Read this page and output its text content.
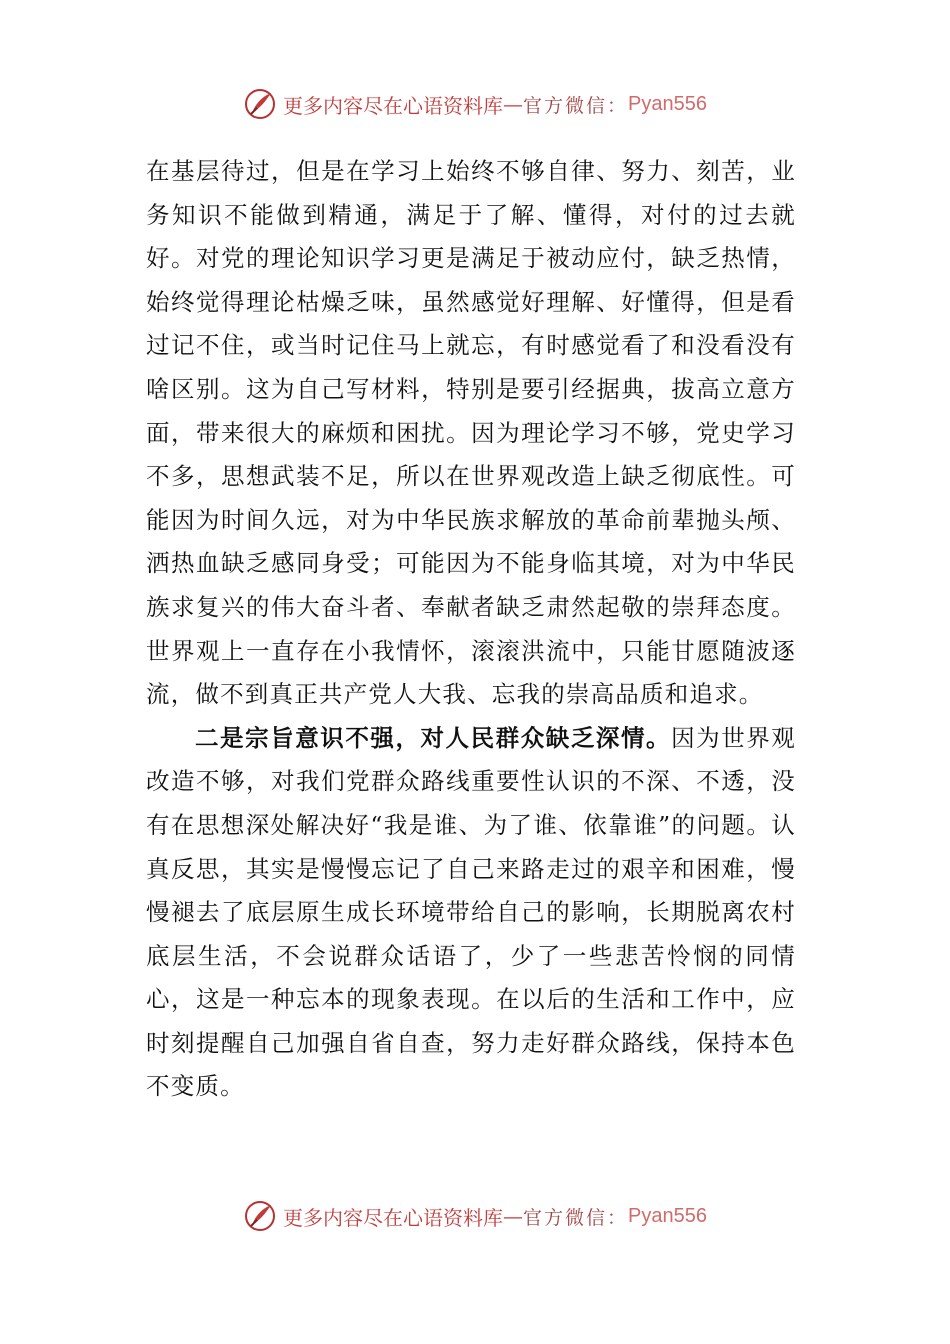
更多内容尽在心语资料库 — 官方微信： Pyan556

在基层待过，但是在学习上始终不够自律、努力、刻苦，业务知识不能做到精通，满足于了解、懂得，对付的过去就好。对党的理论知识学习更是满足于被动应付，缺乏热情，始终觉得理论枯燥乏味，虽然感觉好理解、好懂得，但是看过记不住，或当时记住马上就忘，有时感觉看了和没看没有啥区别。这为自己写材料，特别是要引经据典，拔高立意方面，带来很大的麻烦和困扰。因为理论学习不够，党史学习不多，思想武装不足，所以在世界观改造上缺乏彻底性。可能因为时间久远，对为中华民族求解放的革命前辈抛头颅、洒热血缺乏感同身受；可能因为不能身临其境，对为中华民族求复兴的伟大奋斗者、奉献者缺乏肃然起敬的崇拜态度。世界观上一直存在小我情怀，滚滚洪流中，只能甘愿随波逐流，做不到真正共产党人大我、忘我的崇高品质和追求。

二是宗旨意识不强，对人民群众缺乏深情。因为世界观改造不够，对我们党群众路线重要性认识的不深、不透，没有在思想深处解决好“我是谁、为了谁、依靠谁”的问题。认真反思，其实是慢慢忘记了自己来路走过的艰辛和困难，慢慢褪去了底层原生成长环境带给自己的影响，长期脱离农村底层生活，不会说群众话语了，少了一些悲苦怜悯的同情心，这是一种忘本的现象表现。在以后的生活和工作中，应时刻提醒自己加强自省自查，努力走好群众路线，保持本色不变质。

更多内容尽在心语资料库 — 官方微信： Pyan556
